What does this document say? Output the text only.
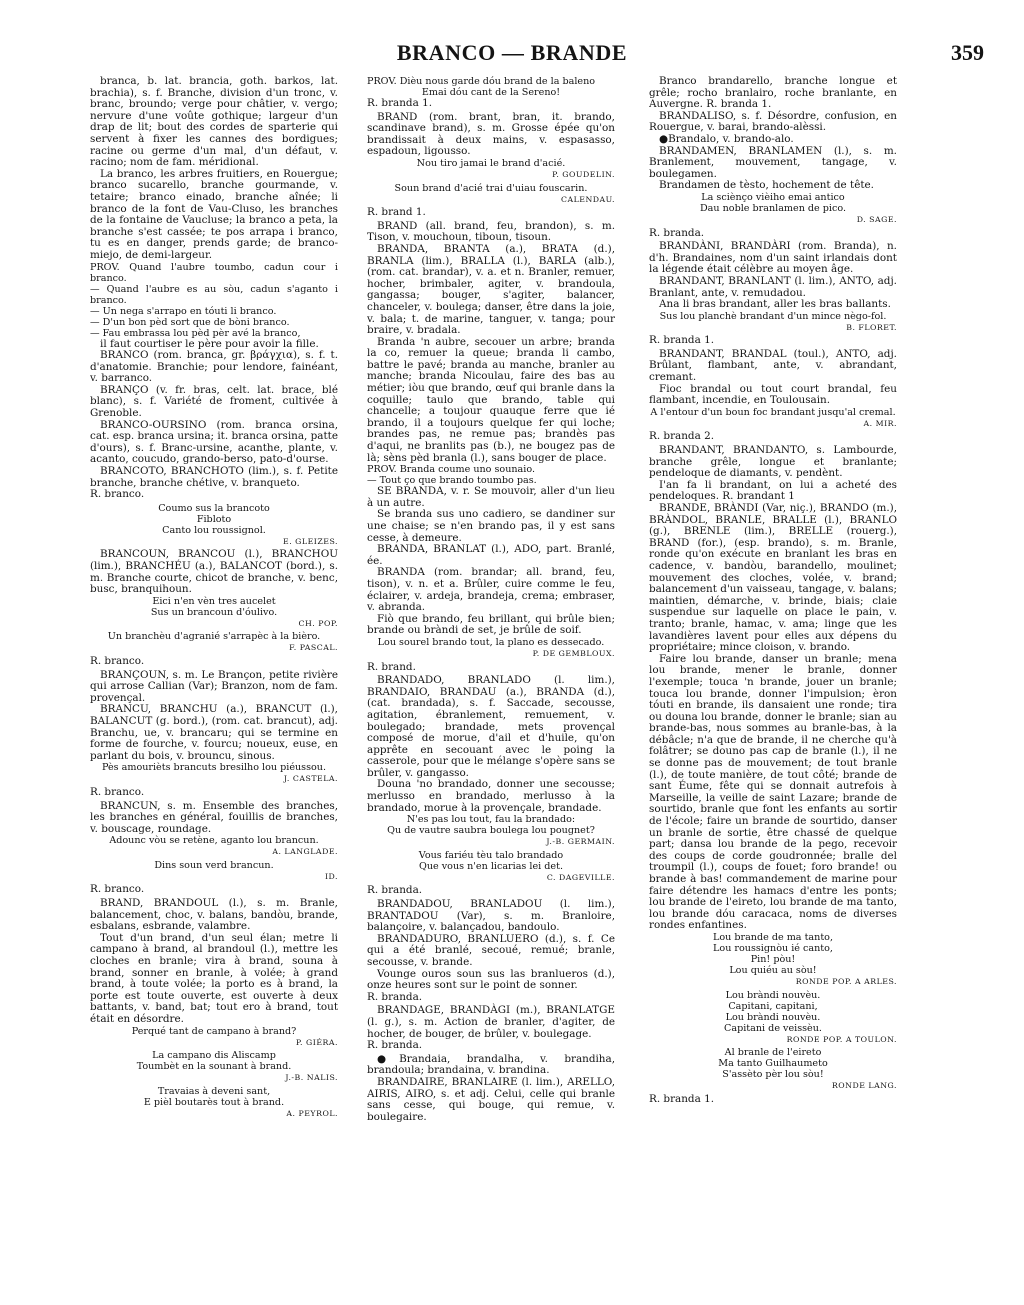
BRANCO — BRANDE	359

branca, b. lat. brancia, goth. barkos, lat. brachia), s. f. Branche, division d'un tronc, v. branc, broundo; verge pour châtier, v. vergo; nervure d'une voûte gothique; largeur d'un drap de lit; bout des cordes de sparterie qui servent à fixer les cannes des bordigues; racine ou germe d'un mal, d'un défaut, v. racino; nom de fam. méridional.

La branco, les arbres fruitiers, en Rouergue; branco sucarello, branche gourmande, v. tetaire; branco einado, branche aînée; li branco de la font de Vau-Cluso, les branches de la fontaine de Vaucluse; la branco a peta, la branche s'est cassée; te pos arrapa i branco, tu es en danger, prends garde; de branco-miejo, de demi-largeur.

PROV. Quand l'aubre toumbo, cadun cour i branco.

— Quand l'aubre es au sòu, cadun s'aganto i branco.

— Un nega s'arrapo en tóuti li branco.

— D'un bon pèd sort que de bòni branco.

— Fau embrassa lou pèd pèr avé la branco,

il faut courtiser le père pour avoir la fille.

BRANCO (rom. branca, gr. βράγχια), s. f. t. d'anatomie. Branchie; pour lendore, fainéant, v. barranco.

BRANÇO (v. fr. bras, celt. lat. brace, blé blanc), s. f. Variété de froment, cultivée à Grenoble.

BRANCO-OURSINO (rom. branca orsina, cat. esp. branca ursina; it. branca orsina, patte d'ours), s. f. Branc-ursine, acanthe, plante, v. acanto, coucudo, grando-berso, pato-d'ourse.

BRANCOTO, BRANCHOTO (lim.), s. f. Petite branche, branche chétive, v. branqueto.

R. branco.

Coumo sus la brancoto

Fibloto

Canto lou roussignol.

E. GLEIZES.

BRANCOUN, BRANCOU (l.), BRANCHOU (lim.), BRANCHÉU (a.), BALANCOT (bord.), s. m. Branche courte, chicot de branche, v. benc, busc, branquihoun.

Eici n'en vèn tres aucelet

Sus un brancoun d'óulivo.

CH. POP.

Un branchèu d'agranié s'arrapèc à la bièro.

F. PASCAL.

R. branco.

BRANÇOUN, s. m. Le Brançon, petite rivière qui arrose Callian (Var); Branzon, nom de fam. provençal.

BRANCU, BRANCHU (a.), BRANCUT (l.), BALANCUT (g. bord.), (rom. cat. brancut), adj. Branchu, ue, v. brancaru; qui se termine en forme de fourche, v. fourcu; noueux, euse, en parlant du bois, v. brouncu, sinous.

Pès amourièts brancuts bresilho lou piéussou.

J. CASTELA.

R. branco.

BRANCUN, s. m. Ensemble des branches, les branches en général, fouillis de branches, v. bouscage, roundage.

Adounc vòu se retène, aganto lou brancun.

A. LANGLADE.

Dins soun verd brancun.

ID.

R. branco.

BRAND, BRANDOUL (l.), s. m. Branle, balancement, choc, v. balans, bandòu, brande, esbalans, esbrande, valambre.

Tout d'un brand, d'un seul élan; metre li campano à brand, al brandoul (l.), mettre les cloches en branle; vira à brand, souna à brand, sonner en branle, à volée; à grand brand, à toute volée; la porto es à brand, la porte est toute ouverte, est ouverte à deux battants, v. band, bat; tout ero à brand, tout était en désordre.

Perqué tant de campano à brand?

P. GIÉRA.

La campano dis Aliscamp

Toumbèt en la sounant à brand.

J.-B. NALIS.

Travaias à deveni sant,

E pièl boutarès tout à brand.

A. PEYROL.

PROV. Dièu nous garde dóu brand de la baleno

Emai dóu cant de la Sereno!

R. branda 1.

BRAND (rom. brant, bran, it. brando, scandinave brand), s. m. Grosse épée qu'on brandissait à deux mains, v. espasasso, espadoun, ligousso.

Nou tiro jamai le brand d'acié.

P. GOUDELIN.

Soun brand d'acié trai d'uiau fouscarin.

CALENDAU.

R. brand 1.

BRAND (all. brand, feu, brandon), s. m. Tison, v. mouchoun, tiboun, tisoun.

BRANDA, BRANTA (a.), BRATA (d.), BRANLA (lim.), BRALLA (l.), BARLA (alb.), (rom. cat. brandar), v. a. et n. Branler, remuer, hocher, brimbaler, agiter, v. brandoula, gangassa; bouger, s'agiter, balancer, chanceler, v. boulega; danser, être dans la joie, v. bala; t. de marine, tanguer, v. tanga; pour braire, v. bradala.

Branda 'n aubre, secouer un arbre; branda la co, remuer la queue; branda li cambo, battre le pavé; branda au manche, branler au manche; branda Nicoulau, faire des bas au métier; iòu que brando, œuf qui branle dans la coquille; taulo que brando, table qui chancelle; a toujour quauque ferre que ié brando, il a toujours quelque fer qui loche; brandes pas, ne remue pas; brandès pas d'aqui, ne branlits pas (b.), ne bougez pas de là; sèns pèd branla (l.), sans bouger de place.

PROV. Branda coume uno sounaio.

— Tout ço que brando toumbo pas.

SE BRANDA, v. r. Se mouvoir, aller d'un lieu à un autre.

Se branda sus uno cadiero, se dandiner sur une chaise; se n'en brando pas, il y est sans cesse, à demeure.

BRANDA, BRANLAT (l.), ADO, part. Branlé, ée.

BRANDA (rom. brandar; all. brand, feu, tison), v. n. et a. Brûler, cuire comme le feu, éclairer, v. ardeja, brandeja, crema; embraser, v. abranda.

Fiò que brando, feu brillant, qui brûle bien; brande ou bràndi de set, je brûle de soif.

Lou sourel brando tout, la plano es dessecado.

P. DE GEMBLOUX.

R. brand.

BRANDADO, BRANLADO (l. lim.), BRANDAIO, BRANDAU (a.), BRANDA (d.), (cat. brandada), s. f. Saccade, secousse, agitation, ébranlement, remuement, v. boulegado; brandade, mets provençal composé de morue, d'ail et d'huile, qu'on apprête en secouant avec le poing la casserole, pour que le mélange s'opère sans se brûler, v. gangasso.

Douna 'no brandado, donner une secousse; merlusso en brandado, merlusso à la brandado, morue à la provençale, brandade.

N'es pas lou tout, fau la brandado:

Qu de vautre saubra boulega lou pougnet?

J.-B. GERMAIN.

Vous fariéu tèu talo brandado

Que vous n'en licarias lei det.

C. DAGEVILLE.

R. branda.

BRANDADOU, BRANLADOU (l. lim.), BRANTADOU (Var), s. m. Branloire, balançoire, v. balançadou, bandoulo.

BRANDADURO, BRANLUERO (d.), s. f. Ce qui a été branlé, secoué, remué; branle, secousse, v. brande.

Vounge ouros soun sus las branlueros (d.), onze heures sont sur le point de sonner.

R. branda.

BRANDAGE, BRANDÀGI (m.), BRANLATGE (l. g.), s. m. Action de branler, d'agiter, de hocher, de bouger, de brûler, v. boulegage.

R. branda.

●Brandaia, brandalha, v. brandiha, brandoula; brandaina, v. brandina.

BRANDAIRE, BRANLAIRE (l. lim.), ARELLO, AIRIS, AIRO, s. et adj. Celui, celle qui branle sans cesse, qui bouge, qui remue, v. boulegaire.

Branco brandarello, branche longue et grêle; rocho branlairo, roche branlante, en Auvergne. R. branda 1.

BRANDALISO, s. f. Désordre, confusion, en Rouergue, v. barai, brando-alèssi.

●Brandalo, v. brando-alo.

BRANDAMEN, BRANLAMEN (l.), s. m. Branlement, mouvement, tangage, v. boulegamen.

Brandamen de tèsto, hochement de tête.

La sciènço vièiho emai antico

Dau noble branlamen de pico.

D. SAGE.

R. branda.

BRANDÀNI, BRANDÀRI (rom. Branda), n. d'h. Brandaines, nom d'un saint irlandais dont la légende était célèbre au moyen âge.

BRANDANT, BRANLANT (l. lim.), ANTO, adj. Branlant, ante, v. remudadou.

Ana li bras brandant, aller les bras ballants.

Sus lou planchè brandant d'un mince nègo-fol.

B. FLORET.

R. branda 1.

BRANDANT, BRANDAL (toul.), ANTO, adj. Brûlant, flambant, ante, v. abrandant, cremant.

Fioc brandal ou tout court brandal, feu flambant, incendie, en Toulousain.

A l'entour d'un boun foc brandant jusqu'al cremal.

A. MIR.

R. branda 2.

BRANDANT, BRANDANTO, s. Lambourde, branche grêle, longue et branlante; pendeloque de diamants, v. pendènt.

I'an fa li brandant, on lui a acheté des pendeloques. R. brandant 1

BRANDE, BRÀNDI (Var, niç.), BRANDO (m.), BRÀNDOL, BRANLE, BRALLE (l.), BRANLO (g.), BRENLE (lim.), BRELLE (rouerg.), BRAND (for.), (esp. brando), s. m. Branle, ronde qu'on exécute en branlant les bras en cadence, v. bandòu, barandello, moulinet; mouvement des cloches, volée, v. brand; balancement d'un vaisseau, tangage, v. balans; maintien, démarche, v. brinde, biais; claie suspendue sur laquelle on place le pain, v. tranto; branle, hamac, v. ama; linge que les lavandières lavent pour elles aux dépens du propriétaire; mince cloison, v. brando.

Faire lou brande, danser un branle; mena lou brande, mener le branle, donner l'exemple; touca 'n brande, jouer un branle; touca lou brande, donner l'impulsion; èron tóuti en brande, ils dansaient une ronde; tira ou douna lou brande, donner le branle; sian au brande-bas, nous sommes au branle-bas, à la débâcle; n'a que de brande, il ne cherche qu'à folâtrer; se douno pas cap de branle (l.), il ne se donne pas de mouvement; de tout branle (l.), de toute manière, de tout côté; brande de sant Éume, fête qui se donnait autrefois à Marseille, la veille de saint Lazare; brande de sourtido, branle que font les enfants au sortir de l'école; faire un brande de sourtido, danser un branle de sortie, être chassé de quelque part; dansa lou brande de la pego, recevoir des coups de corde goudronnée; bralle del troumpil (l.), coups de fouet; foro brande! ou brande à bas! commandement de marine pour faire détendre les hamacs d'entre les ponts; lou brande de l'eireto, lou brande de ma tanto, lou brande dóu caracaca, noms de diverses rondes enfantines.

Lou brande de ma tanto,

Lou roussignòu ié canto,

Pin! pòu!

Lou quiéu au sòu!

RONDE POP. A ARLES.

Lou bràndi nouvèu.

Capitani, capitani,

Lou bràndi nouvèu.

Capitani de veissèu.

RONDE POP. A TOULON.

Al branle de l'eireto

Ma tanto Guilhaumeto

S'assèto pèr lou sòu!

RONDE LANG.

R. branda 1.
